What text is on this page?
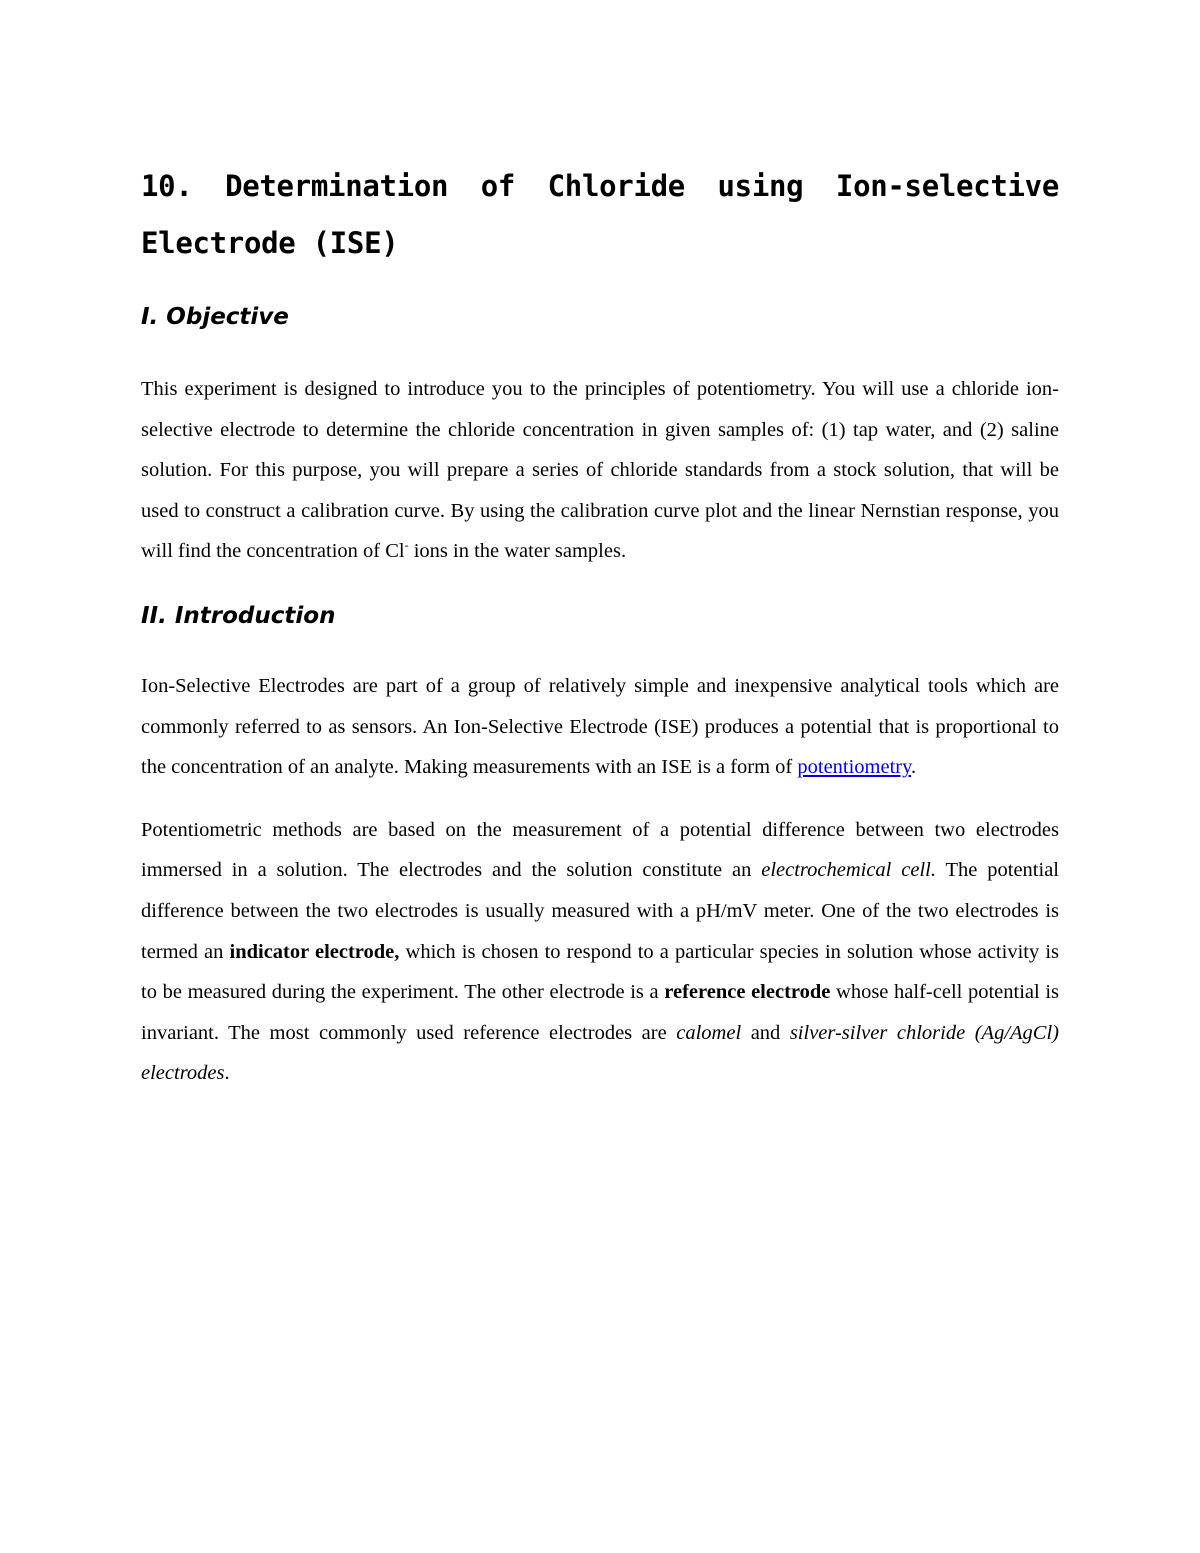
10. Determination of Chloride using Ion-selective Electrode (ISE)
I. Objective

This experiment is designed to introduce you to the principles of potentiometry. You will use a chloride ion-selective electrode to determine the chloride concentration in given samples of: (1) tap water, and (2) saline solution. For this purpose, you will prepare a series of chloride standards from a stock solution, that will be used to construct a calibration curve. By using the calibration curve plot and the linear Nernstian response, you will find the concentration of Cl- ions in the water samples.

II. Introduction

Ion-Selective Electrodes are part of a group of relatively simple and inexpensive analytical tools which are commonly referred to as sensors. An Ion-Selective Electrode (ISE) produces a potential that is proportional to the concentration of an analyte. Making measurements with an ISE is a form of potentiometry.

Potentiometric methods are based on the measurement of a potential difference between two electrodes immersed in a solution. The electrodes and the solution constitute an electrochemical cell. The potential difference between the two electrodes is usually measured with a pH/mV meter. One of the two electrodes is termed an indicator electrode, which is chosen to respond to a particular species in solution whose activity is to be measured during the experiment. The other electrode is a reference electrode whose half-cell potential is invariant. The most commonly used reference electrodes are calomel and silver-silver chloride (Ag/AgCl) electrodes.
